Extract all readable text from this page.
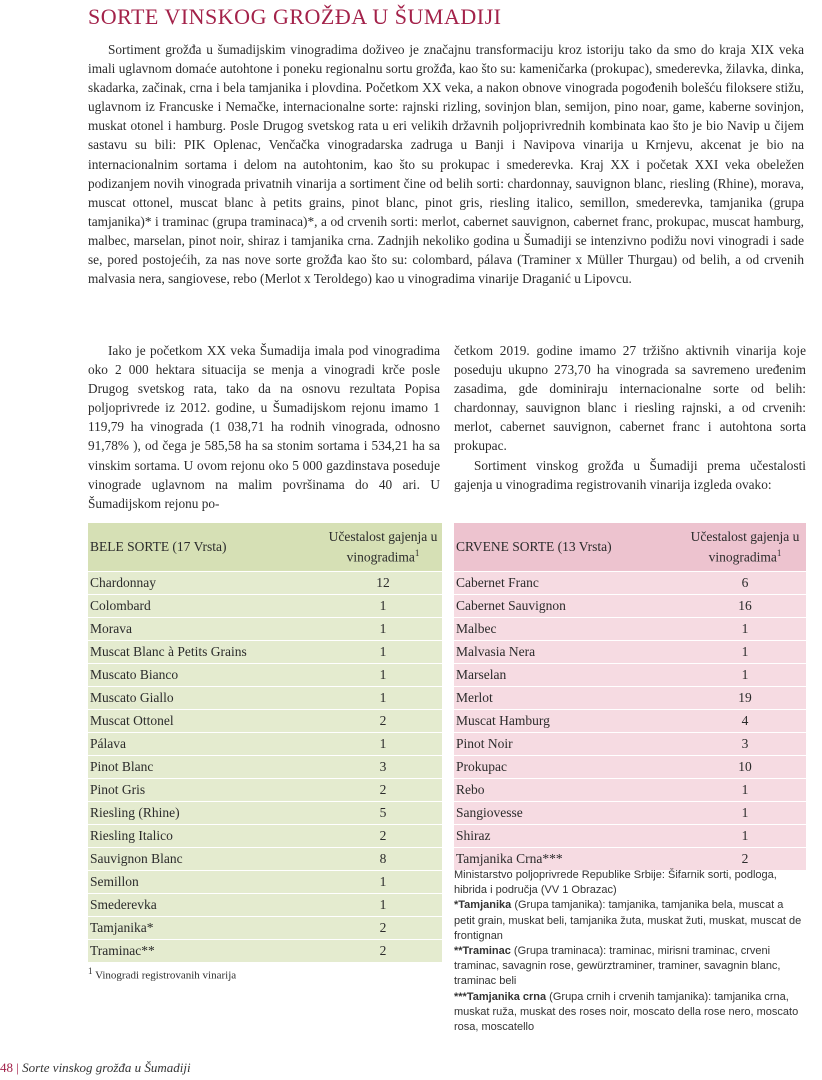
SORTE VINSKOG GROŽĐA U ŠUMADIJI

Sortiment grožđa u šumadijskim vinogradima doživeo je značajnu transformaciju kroz istoriju tako da smo do kraja XIX veka imali uglavnom domaće autohtone i poneku regionalnu sortu grožđa, kao što su: kameničarka (prokupac), smederevka, žilavka, dinka, skadarka, začinak, crna i bela tamjanika i plovdina. Početkom XX veka, a nakon obnove vinograda pogođenih bolešću filoksere stižu, uglavnom iz Francuske i Nemačke, internacionalne sorte: rajnski rizling, sovinjon blan, semijon, pino noar, game, kaberne sovinjon, muskat otonel i hamburg. Posle Drugog svetskog rata u eri velikih državnih poljoprivrednih kombinata kao što je bio Navip u čijem sastavu su bili: PIK Oplenac, Venčačka vinogradarska zadruga u Banji i Navipova vinarija u Krnjevu, akcenat je bio na internacionalnim sortama i delom na autohtonim, kao što su prokupac i smederevka. Kraj XX i početak XXI veka obeležen podizanjem novih vinograda privatnih vinarija a sortiment čine od belih sorti: chardonnay, sauvignon blanc, riesling (Rhine), morava, muscat ottonel, muscat blanc à petits grains, pinot blanc, pinot gris, riesling italico, semillon, smederevka, tamjanika (grupa tamjanika)* i traminac (grupa traminaca)*, a od crvenih sorti: merlot, cabernet sauvignon, cabernet franc, prokupac, muscat hamburg, malbec, marselan, pinot noir, shiraz i tamjanika crna. Zadnjih nekoliko godina u Šumadiji se intenzivno podižu novi vinogradi i sade se, pored postojećih, za nas nove sorte grožđa kao što su: colombard, pálava (Traminer x Müller Thurgau) od belih, a od crvenih malvasia nera, sangiovese, rebo (Merlot x Teroldego) kao u vinogradima vinarije Draganić u Lipovcu.

Iako je početkom XX veka Šumadija imala pod vinogradima oko 2 000 hektara situacija se menja a vinogradi krče posle Drugog svetskog rata, tako da na osnovu rezultata Popisa poljoprivrede iz 2012. godine, u Šumadijskom rejonu imamo 1 119,79 ha vinograda (1 038,71 ha rodnih vinograda, odnosno 91,78% ), od čega je 585,58 ha sa stonim sortama i 534,21 ha sa vinskim sortama. U ovom rejonu oko 5 000 gazdinstava poseduje vinograde uglavnom na malim površinama do 40 ari. U Šumadijskom rejonu po-

četkom 2019. godine imamo 27 tržišno aktivnih vinarija koje poseduju ukupno 273,70 ha vinograda sa savremeno uređenim zasadima, gde dominiraju internacionalne sorte od belih: chardonnay, sauvignon blanc i riesling rajnski, a od crvenih: merlot, cabernet sauvignon, cabernet franc i autohtona sorta prokupac.

Sortiment vinskog grožđa u Šumadiji prema učestalosti gajenja u vinogradima registrovanih vinarija izgleda ovako:

BELE SORTE (17 Vrsta)	Učestalost gajenja u vinogradima$^1$
Chardonnay	12
Colombard	1
Morava	1
Muscat Blanc à Petits Grains	1
Muscato Bianco	1
Muscato Giallo	1
Muscat Ottonel	2
Pálava	1
Pinot Blanc	3
Pinot Gris	2
Riesling (Rhine)	5
Riesling Italico	2
Sauvignon Blanc	8
Semillon	1
Smederevka	1
Tamjanika*	2
Traminac**	2
CRVENE SORTE (13 Vrsta)	Učestalost gajenja u vinogradima$^1$
Cabernet Franc	6
Cabernet Sauvignon	16
Malbec	1
Malvasia Nera	1
Marselan	1
Merlot	19
Muscat Hamburg	4
Pinot Noir	3
Prokupac	10
Rebo	1
Sangiovesse	1
Shiraz	1
Tamjanika Crna***	2

$^1$ Vinogradi registrovanih vinarija

Ministarstvo poljoprivrede Republike Srbije: Šifarnik sorti, podloga, hibrida i područja (VV 1 Obrazac)

*Tamjanika (Grupa tamjanika): tamjanika, tamjanika bela, muscat a petit grain, muskat beli, tamjanika žuta, muskat žuti, muskat, muscat de frontignan

**Traminac (Grupa traminaca): traminac, mirisni traminac, crveni traminac, savagnin rose, gewürztraminer, traminer, savagnin blanc, traminac beli

***Tamjanika crna (Grupa crnih i crvenih tamjanika): tamjanika crna, muskat ruža, muskat des roses noir, moscato della rose nero, moscato rosa, moscatello

48 | Sorte vinskog grožđa u Šumadiji
